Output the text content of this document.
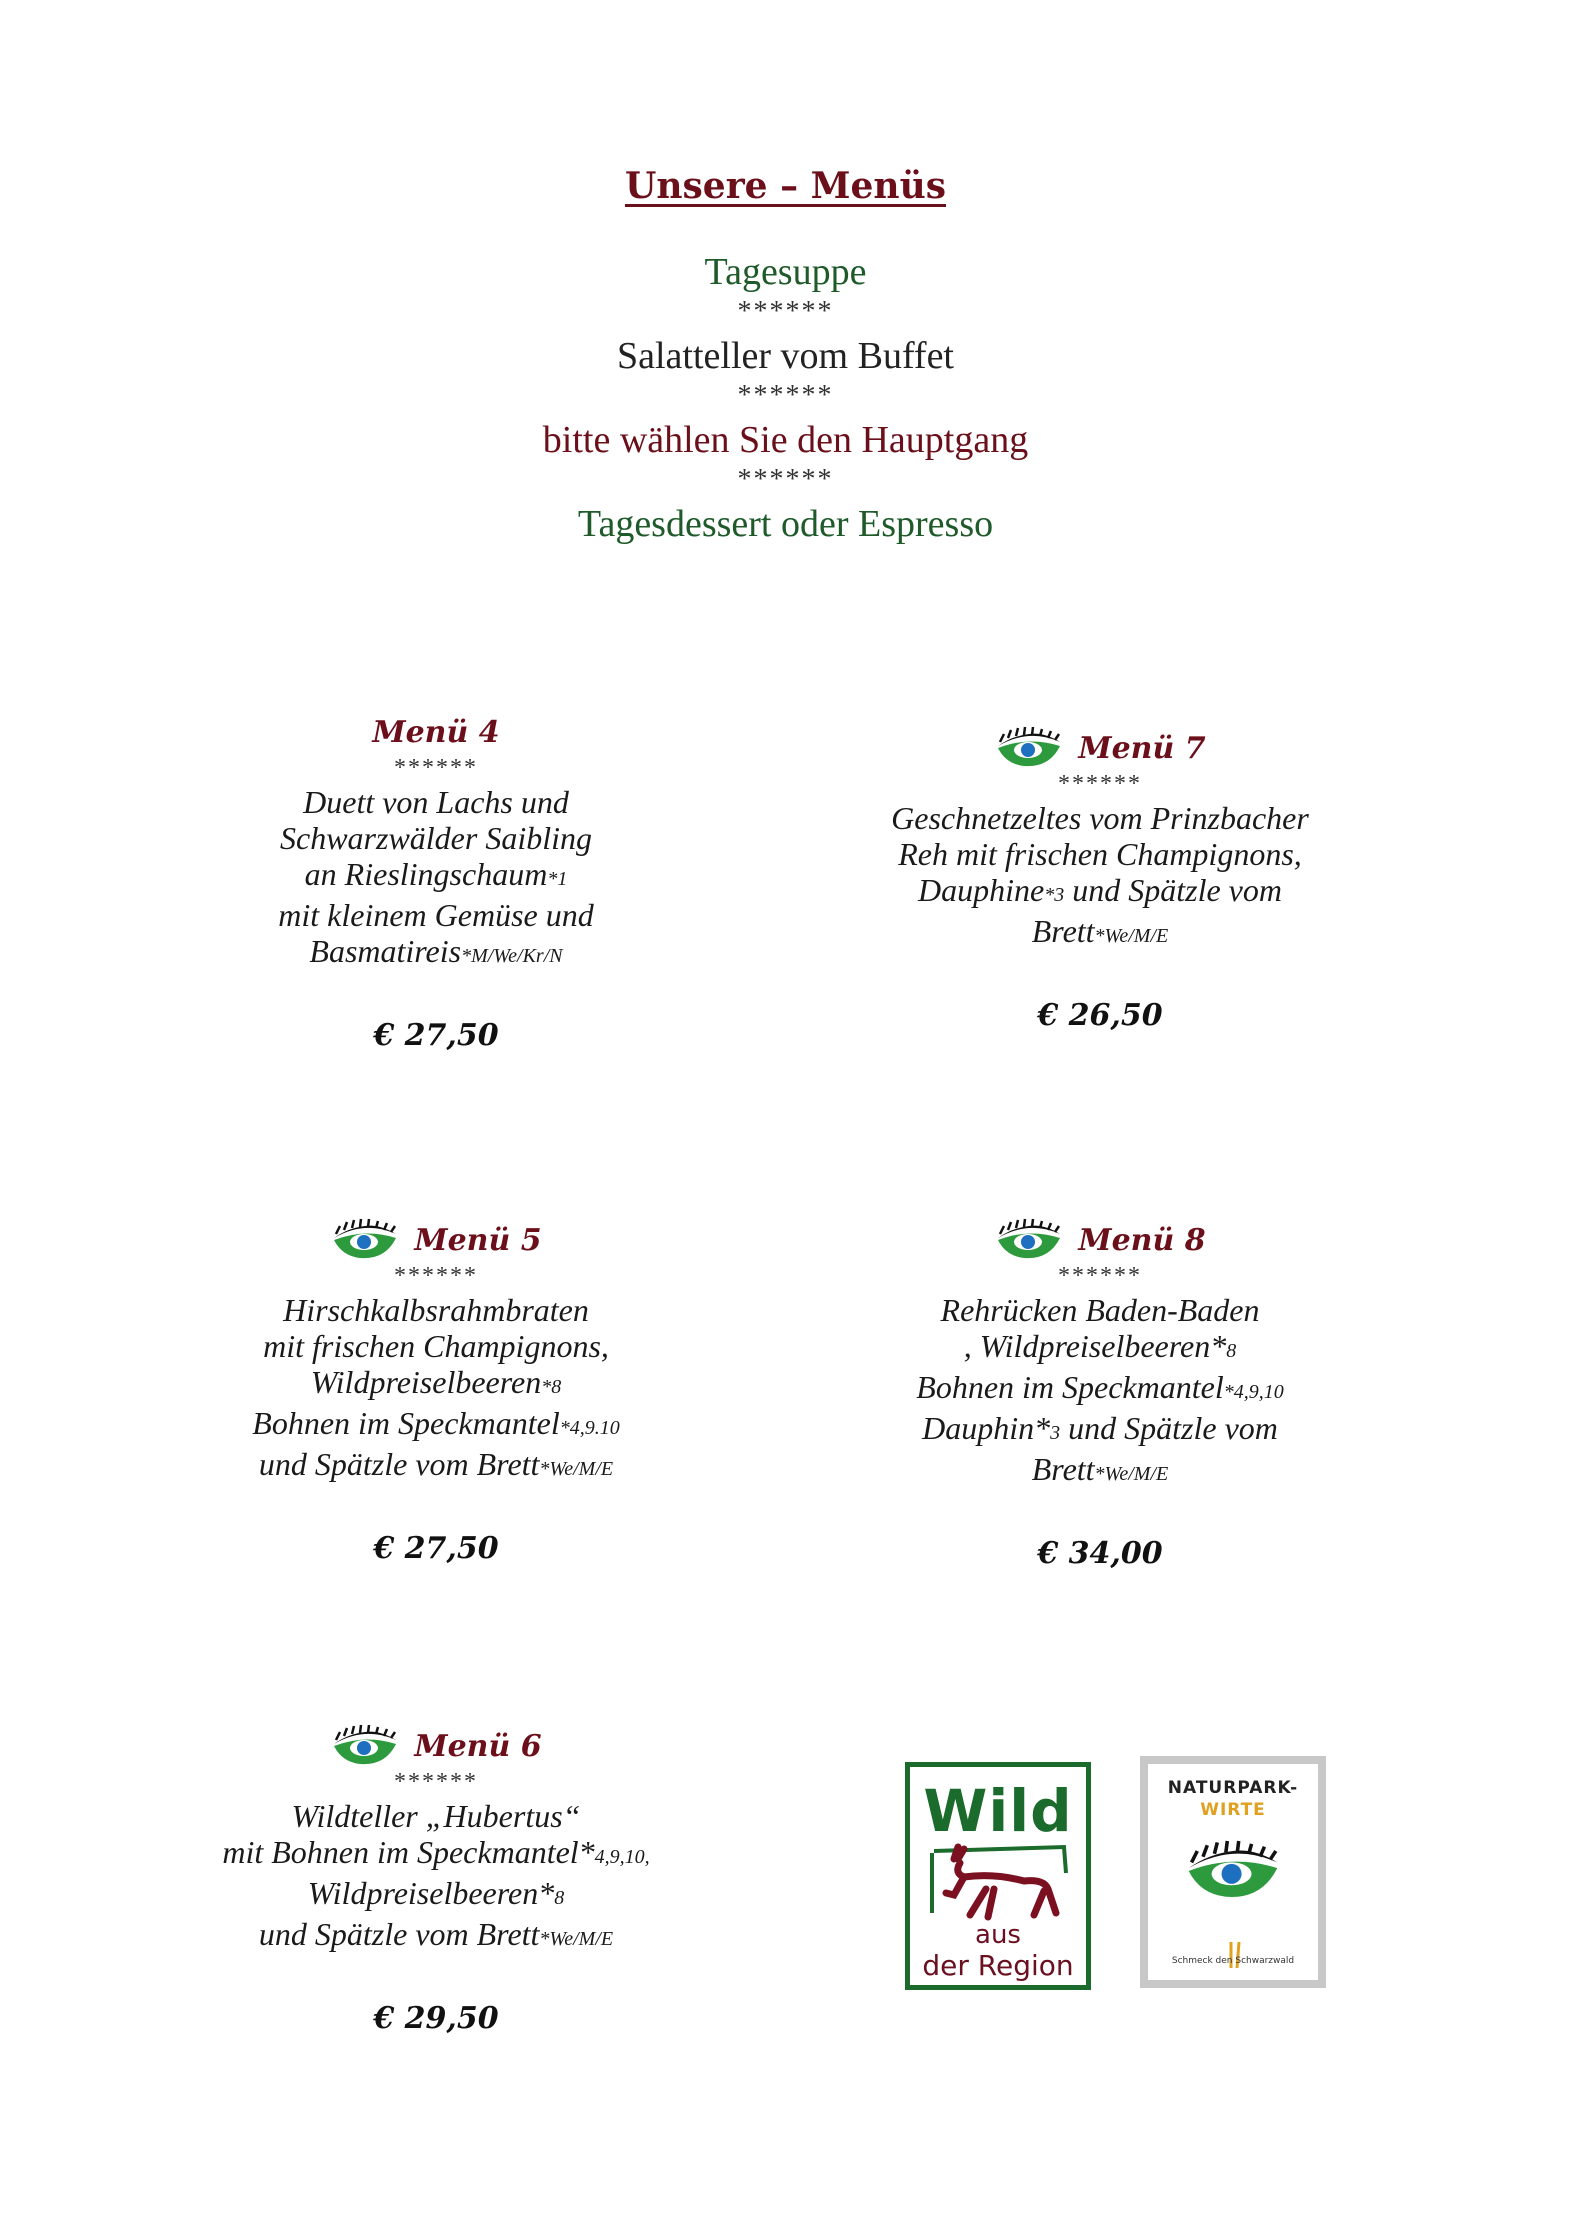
Unsere – Menüs
Tagesuppe
******
Salatteller vom Buffet
******
bitte wählen Sie den Hauptgang
******
Tagesdessert oder Espresso
Menü 4
******
Duett von Lachs und
Schwarzwälder Saibling
an Rieslingschaum*1
mit kleinem Gemüse und
Basmatireis*M/We/Kr/N
€ 27,50
Menü 7
******
Geschnetzeltes vom Prinzbacher
Reh mit frischen Champignons,
Dauphine*3 und Spätzle vom
Brett*We/M/E
€ 26,50
Menü 5
******
Hirschkalbsrahmbraten
mit frischen Champignons,
Wildpreiselbeeren*8
Bohnen im Speckmantel*4,9.10
und Spätzle vom Brett*We/M/E
€ 27,50
Menü 8
******
Rehrücken Baden-Baden
, Wildpreiselbeeren*8
Bohnen im Speckmantel*4,9,10
Dauphin*3 und Spätzle vom
Brett*We/M/E
€ 34,00
Menü 6
******
Wildteller „Hubertus“
mit Bohnen im Speckmantel*4,9,10,
Wildpreiselbeeren*8
und Spätzle vom Brett*We/M/E
€ 29,50
Wild
aus
der Region
NATURPARK-
WIRTE
Schmeck den Schwarzwald
